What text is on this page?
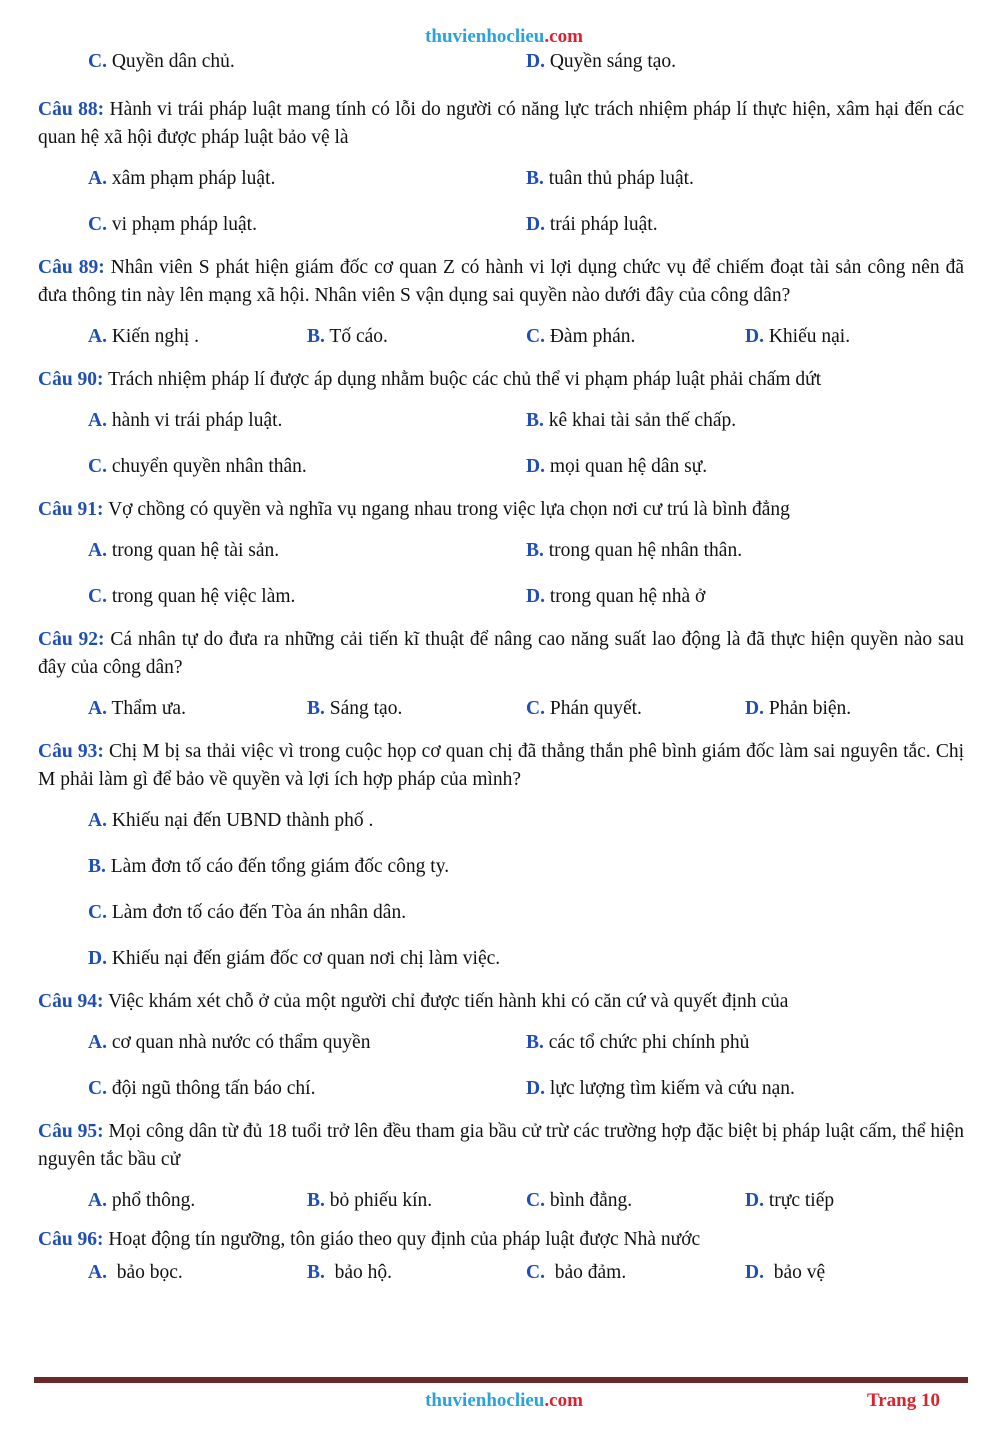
thuvienhoclieu.com
C. Quyền dân chủ.	D. Quyền sáng tạo.

Câu 88: Hành vi trái pháp luật mang tính có lỗi do người có năng lực trách nhiệm pháp lí thực hiện, xâm hại đến các quan hệ xã hội được pháp luật bảo vệ là

A. xâm phạm pháp luật.	B. tuân thủ pháp luật.
C. vi phạm pháp luật.	D. trái pháp luật.

Câu 89: Nhân viên S phát hiện giám đốc cơ quan Z có hành vi lợi dụng chức vụ để chiếm đoạt tài sản công nên đã đưa thông tin này lên mạng xã hội. Nhân viên S vận dụng sai quyền nào dưới đây của công dân?

A. Kiến nghị .	B. Tố cáo.	C. Đàm phán.	D. Khiếu nại.

Câu 90: Trách nhiệm pháp lí được áp dụng nhằm buộc các chủ thể vi phạm pháp luật phải chấm dứt

A. hành vi trái pháp luật.	B. kê khai tài sản thế chấp.
C. chuyển quyền nhân thân.	D. mọi quan hệ dân sự.

Câu 91: Vợ chồng có quyền và nghĩa vụ ngang nhau trong việc lựa chọn nơi cư trú là bình đẳng

A. trong quan hệ tài sản.	B. trong quan hệ nhân thân.
C. trong quan hệ việc làm.	D. trong quan hệ nhà ở

Câu 92: Cá nhân tự do đưa ra những cải tiến kĩ thuật để nâng cao năng suất lao động là đã thực hiện quyền nào sau đây của công dân?

A. Thẩm ưa.	B. Sáng tạo.	C. Phán quyết.	D. Phản biện.

Câu 93: Chị M bị sa thải việc vì trong cuộc họp cơ quan chị đã thẳng thắn phê bình giám đốc làm sai nguyên tắc. Chị M phải làm gì để bảo về quyền và lợi ích hợp pháp của mình?

A. Khiếu nại đến UBND thành phố .
B. Làm đơn tố cáo đến tổng giám đốc công ty.
C. Làm đơn tố cáo đến Tòa án nhân dân.
D. Khiếu nại đến giám đốc cơ quan nơi chị làm việc.

Câu 94: Việc khám xét chỗ ở của một người chỉ được tiến hành khi có căn cứ và quyết định của

A. cơ quan nhà nước có thẩm quyền	B. các tổ chức phi chính phủ
C. đội ngũ thông tấn báo chí.	D. lực lượng tìm kiếm và cứu nạn.

Câu 95: Mọi công dân từ đủ 18 tuổi trở lên đều tham gia bầu cử trừ các trường hợp đặc biệt bị pháp luật cấm, thể hiện nguyên tắc bầu cử

A. phổ thông.	B. bỏ phiếu kín.	C. bình đẳng.	D. trực tiếp

Câu 96: Hoạt động tín ngưỡng, tôn giáo theo quy định của pháp luật được Nhà nước

A.  bảo bọc.	B.  bảo hộ.	C.  bảo đảm.	D.  bảo vệ
thuvienhoclieu.com	Trang 10
